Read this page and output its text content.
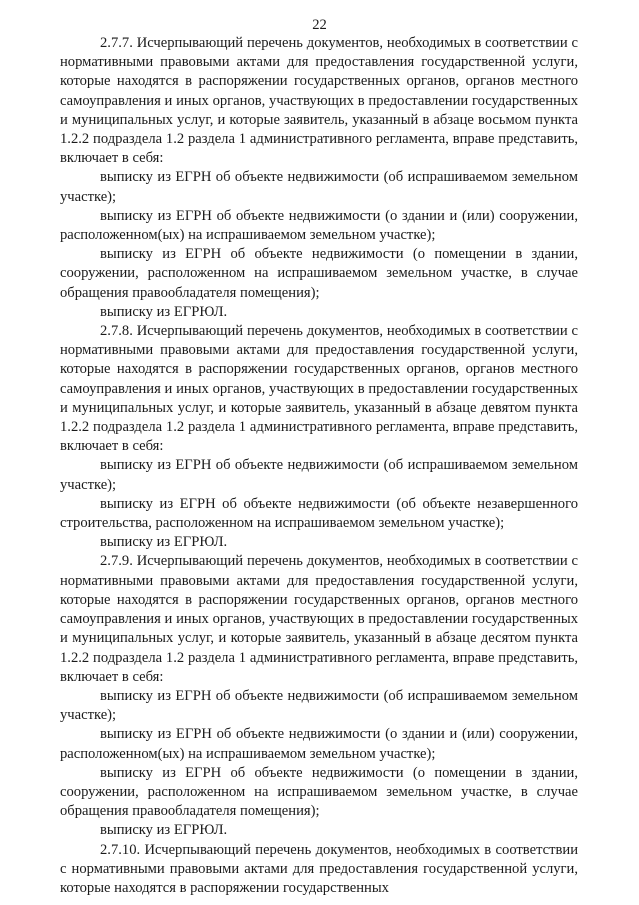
22

2.7.7. Исчерпывающий перечень документов, необходимых в соответствии с нормативными правовыми актами для предоставления государственной услуги, которые находятся в распоряжении государственных органов, органов местного самоуправления и иных органов, участвующих в предоставлении государственных и муниципальных услуг, и которые заявитель, указанный в абзаце восьмом пункта 1.2.2 подраздела 1.2 раздела 1 административного регламента, вправе представить, включает в себя:

выписку из ЕГРН об объекте недвижимости (об испрашиваемом земельном участке);

выписку из ЕГРН об объекте недвижимости (о здании и (или) сооружении, расположенном(ых) на испрашиваемом земельном участке);

выписку из ЕГРН об объекте недвижимости (о помещении в здании, сооружении, расположенном на испрашиваемом земельном участке, в случае обращения правообладателя помещения);

выписку из ЕГРЮЛ.

2.7.8. Исчерпывающий перечень документов, необходимых в соответствии с нормативными правовыми актами для предоставления государственной услуги, которые находятся в распоряжении государственных органов, органов местного самоуправления и иных органов, участвующих в предоставлении государственных и муниципальных услуг, и которые заявитель, указанный в абзаце девятом пункта 1.2.2 подраздела 1.2 раздела 1 административного регламента, вправе представить, включает в себя:

выписку из ЕГРН об объекте недвижимости (об испрашиваемом земельном участке);

выписку из ЕГРН об объекте недвижимости (об объекте незавершенного строительства, расположенном на испрашиваемом земельном участке);

выписку из ЕГРЮЛ.

2.7.9. Исчерпывающий перечень документов, необходимых в соответствии с нормативными правовыми актами для предоставления государственной услуги, которые находятся в распоряжении государственных органов, органов местного самоуправления и иных органов, участвующих в предоставлении государственных и муниципальных услуг, и которые заявитель, указанный в абзаце десятом пункта 1.2.2 подраздела 1.2 раздела 1 административного регламента, вправе представить, включает в себя:

выписку из ЕГРН об объекте недвижимости (об испрашиваемом земельном участке);

выписку из ЕГРН об объекте недвижимости (о здании и (или) сооружении, расположенном(ых) на испрашиваемом земельном участке);

выписку из ЕГРН об объекте недвижимости (о помещении в здании, сооружении, расположенном на испрашиваемом земельном участке, в случае обращения правообладателя помещения);

выписку из ЕГРЮЛ.

2.7.10. Исчерпывающий перечень документов, необходимых в соответствии с нормативными правовыми актами для предоставления государственной услуги, которые находятся в распоряжении государственных
